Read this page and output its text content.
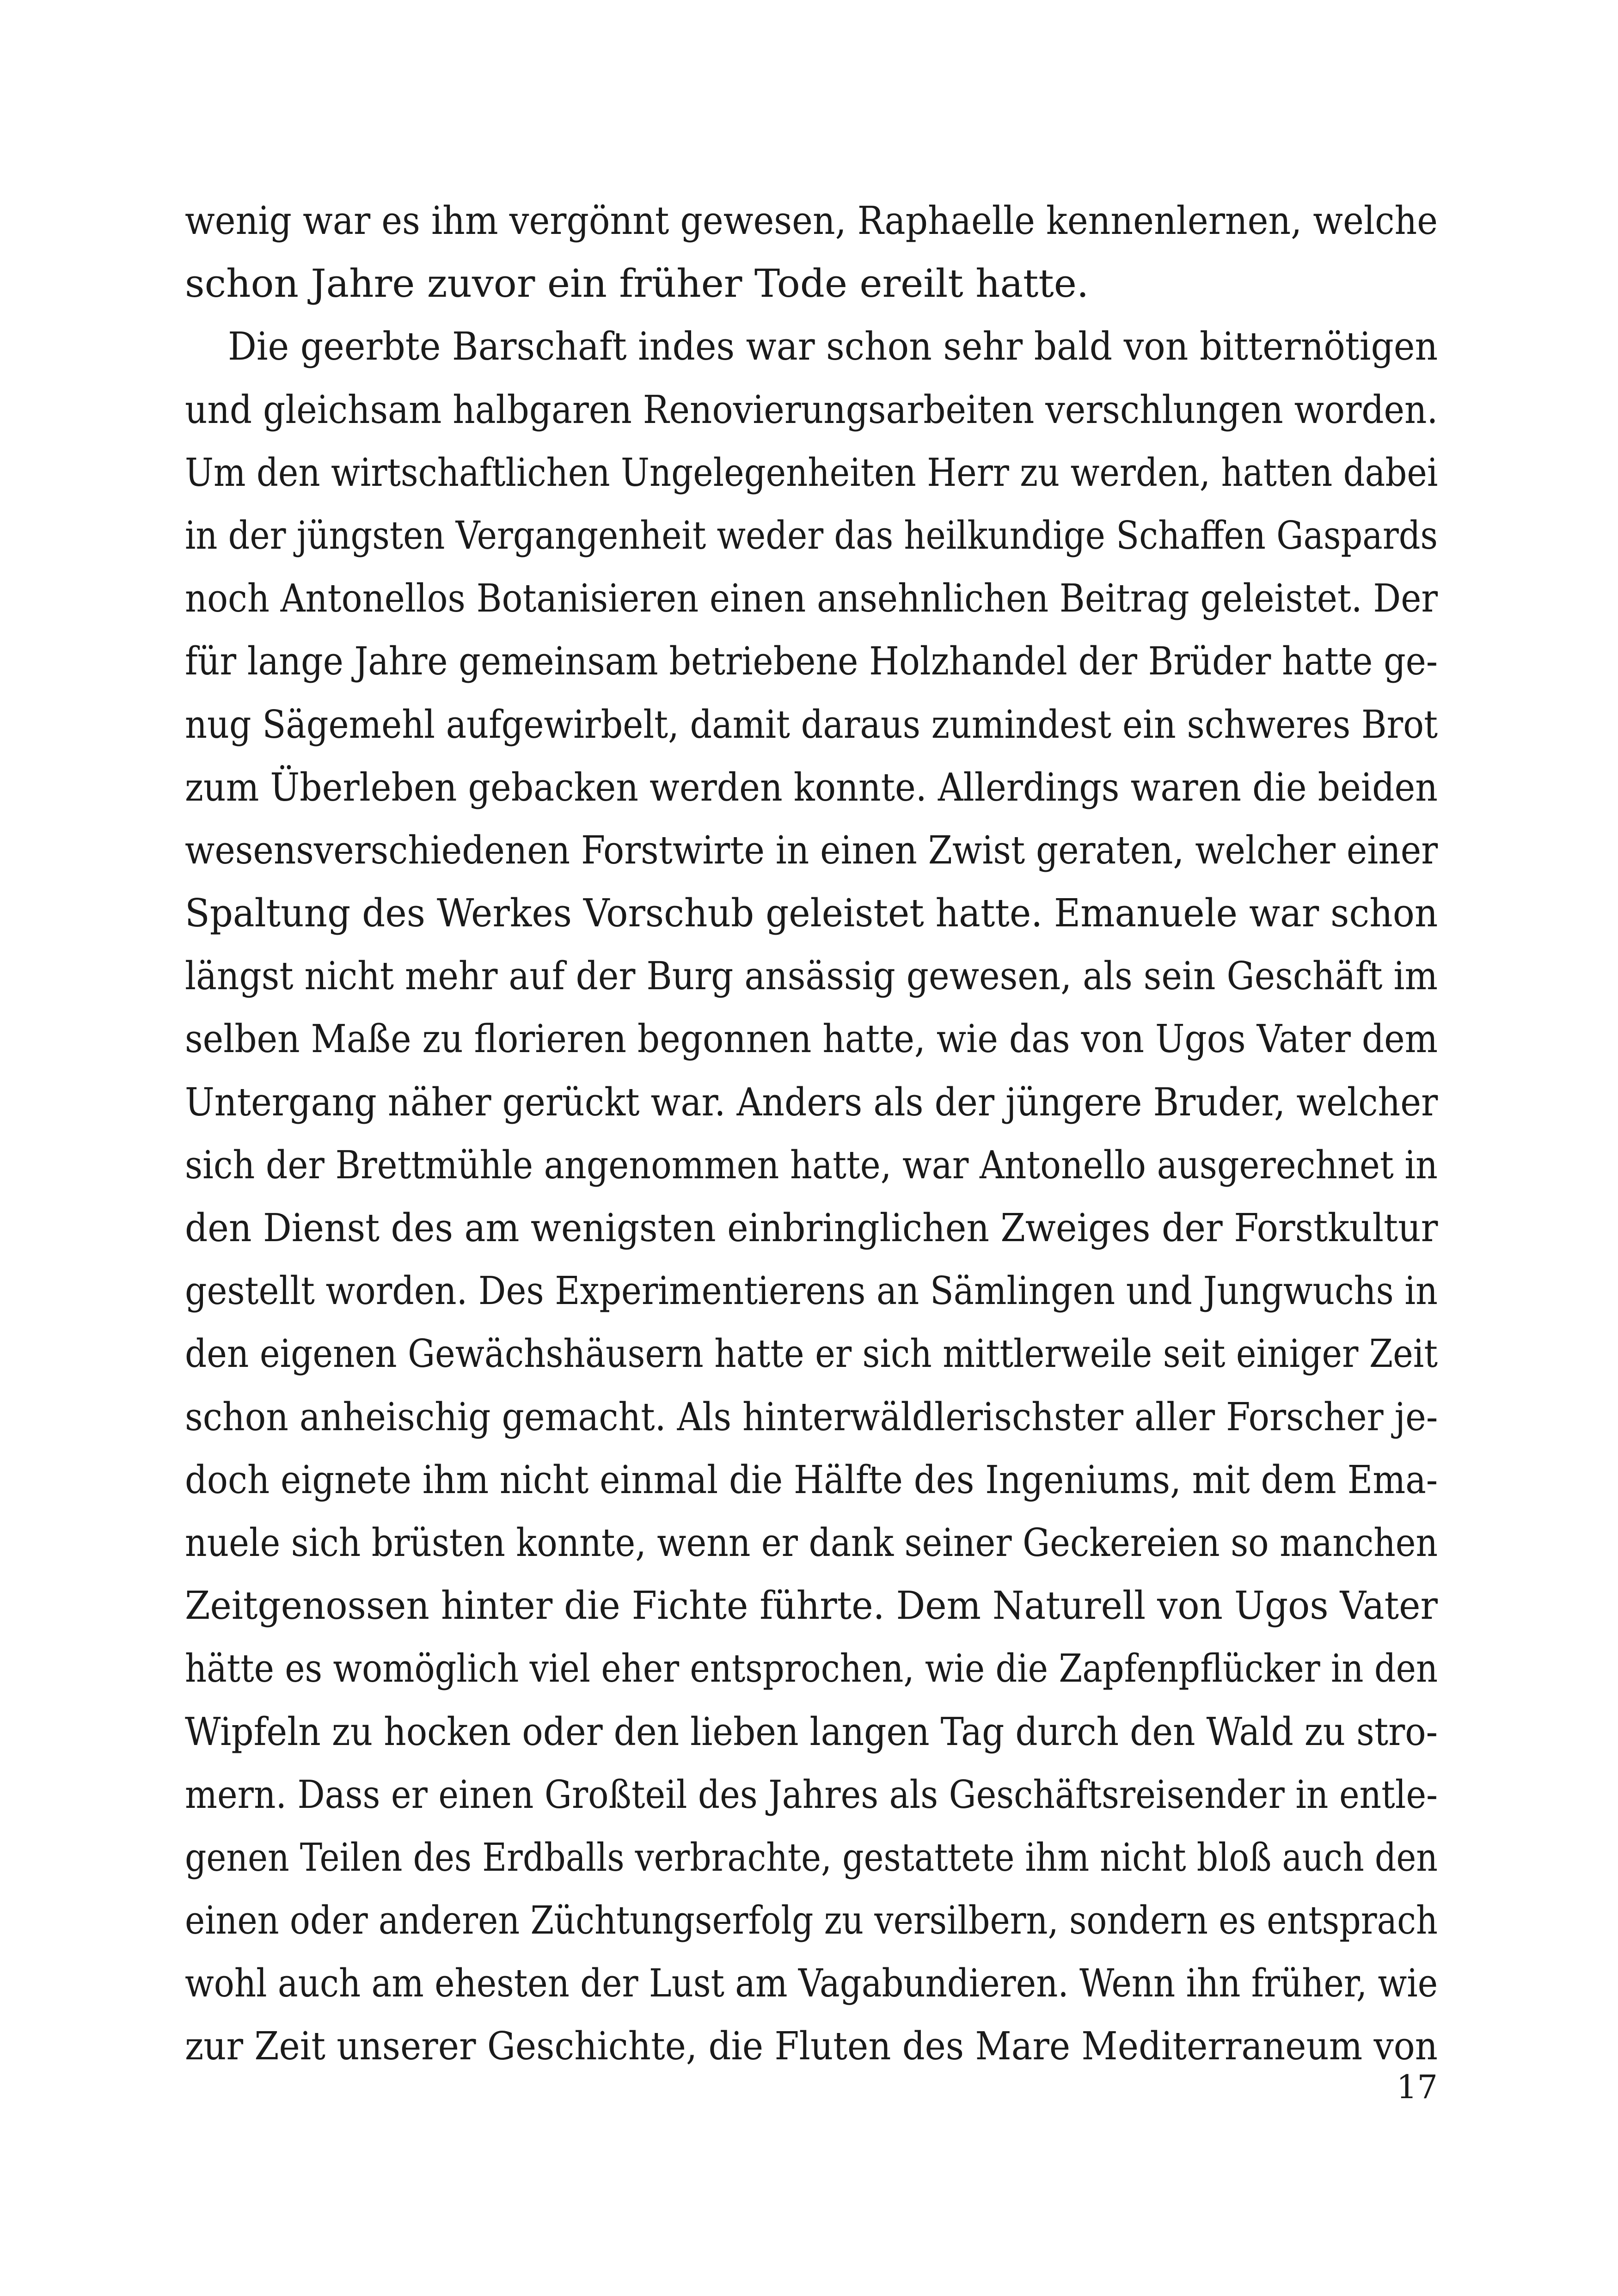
wenig war es ihm vergönnt gewesen, Raphaelle kennenlernen, welche
schon Jahre zuvor ein früher Tode ereilt hatte.
Die geerbte Barschaft indes war schon sehr bald von bitternötigen
und gleichsam halbgaren Renovierungsarbeiten verschlungen worden.
Um den wirtschaftlichen Ungelegenheiten Herr zu werden, hatten dabei
in der jüngsten Vergangenheit weder das heilkundige Schaffen Gaspards
noch Antonellos Botanisieren einen ansehnlichen Beitrag geleistet. Der
für lange Jahre gemeinsam betriebene Holzhandel der Brüder hatte ge-
nug Sägemehl aufgewirbelt, damit daraus zumindest ein schweres Brot
zum Überleben gebacken werden konnte. Allerdings waren die beiden
wesensverschiedenen Forstwirte in einen Zwist geraten, welcher einer
Spaltung des Werkes Vorschub geleistet hatte. Emanuele war schon
längst nicht mehr auf der Burg ansässig gewesen, als sein Geschäft im
selben Maße zu florieren begonnen hatte, wie das von Ugos Vater dem
Untergang näher gerückt war. Anders als der jüngere Bruder, welcher
sich der Brettmühle angenommen hatte, war Antonello ausgerechnet in
den Dienst des am wenigsten einbringlichen Zweiges der Forstkultur
gestellt worden. Des Experimentierens an Sämlingen und Jungwuchs in
den eigenen Gewächshäusern hatte er sich mittlerweile seit einiger Zeit
schon anheischig gemacht. Als hinterwäldlerischster aller Forscher je-
doch eignete ihm nicht einmal die Hälfte des Ingeniums, mit dem Ema-
nuele sich brüsten konnte, wenn er dank seiner Geckereien so manchen
Zeitgenossen hinter die Fichte führte. Dem Naturell von Ugos Vater
hätte es womöglich viel eher entsprochen, wie die Zapfenpflücker in den
Wipfeln zu hocken oder den lieben langen Tag durch den Wald zu stro-
mern. Dass er einen Großteil des Jahres als Geschäftsreisender in entle-
genen Teilen des Erdballs verbrachte, gestattete ihm nicht bloß auch den
einen oder anderen Züchtungserfolg zu versilbern, sondern es entsprach
wohl auch am ehesten der Lust am Vagabundieren. Wenn ihn früher, wie
zur Zeit unserer Geschichte, die Fluten des Mare Mediterraneum von
17
